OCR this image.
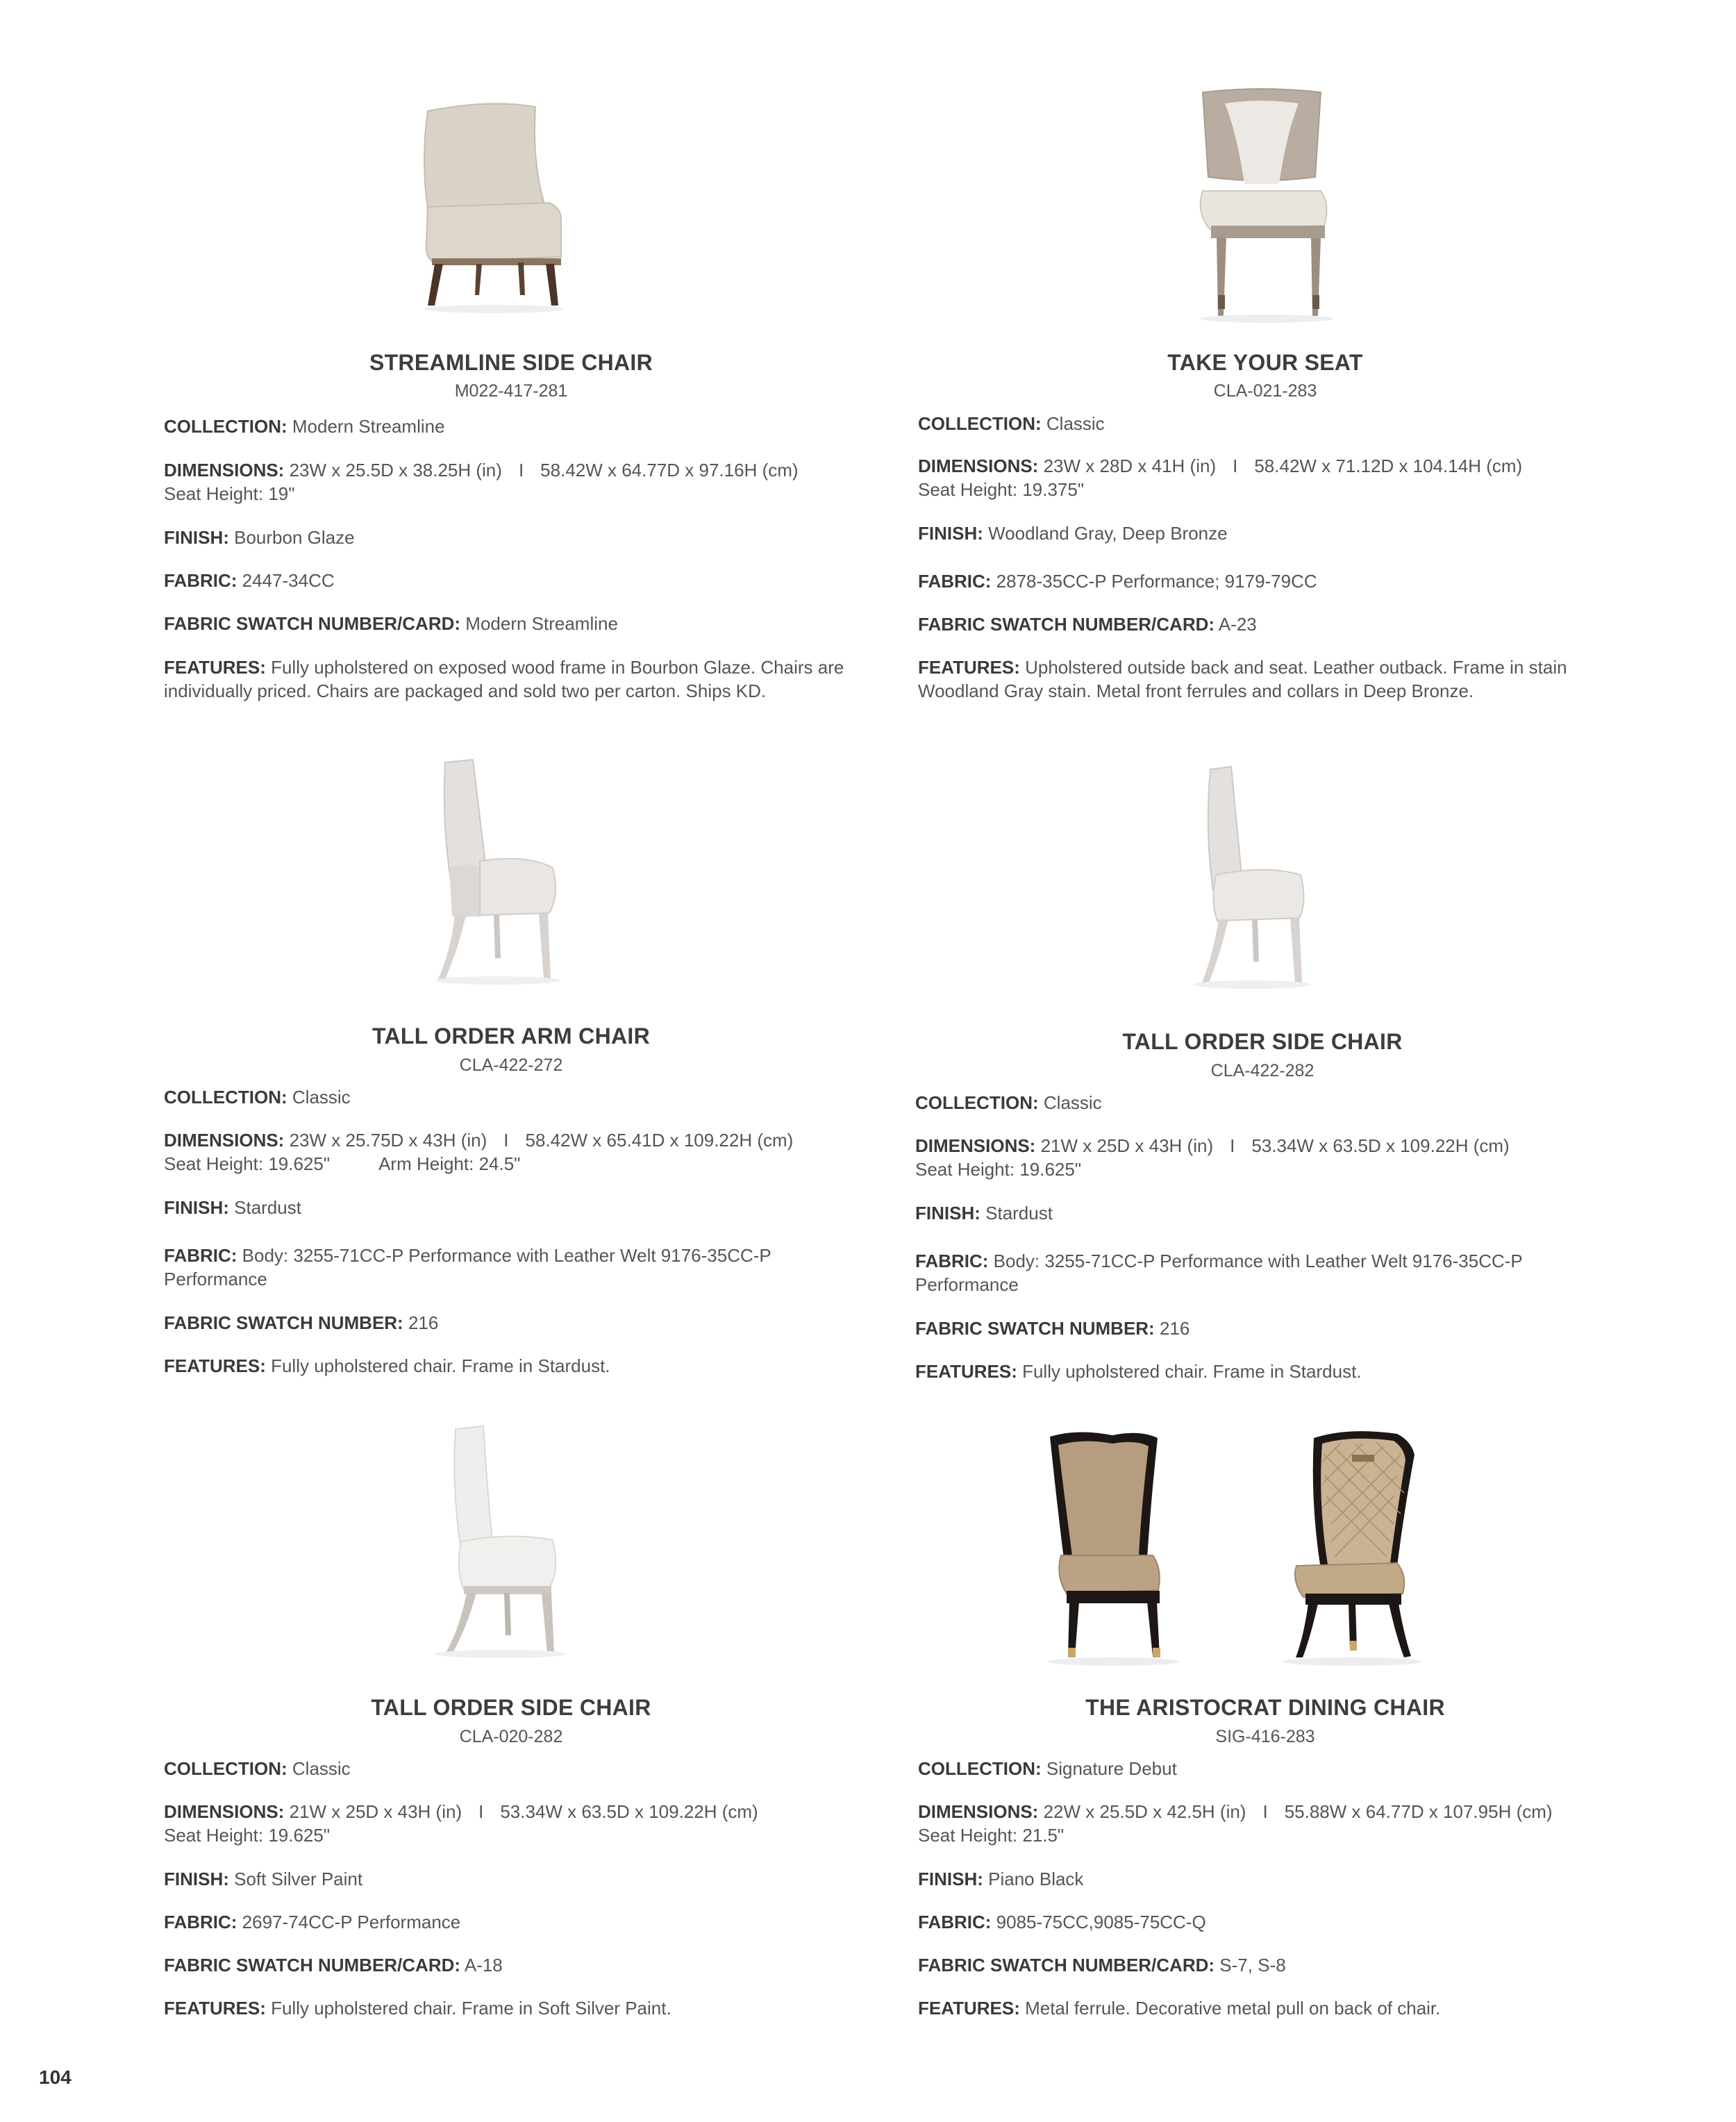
STREAMLINE SIDE CHAIR
M022-417-281
COLLECTION: Modern Streamline
DIMENSIONS: 23W x 25.5D x 38.25H (in) I 58.42W x 64.77D x 97.16H (cm)
Seat Height: 19"
FINISH: Bourbon Glaze
FABRIC: 2447-34CC
FABRIC SWATCH NUMBER/CARD: Modern Streamline
FEATURES: Fully upholstered on exposed wood frame in Bourbon Glaze. Chairs are individually priced. Chairs are packaged and sold two per carton. Ships KD.
TAKE YOUR SEAT
CLA-021-283
COLLECTION: Classic
DIMENSIONS: 23W x 28D x 41H (in) I 58.42W x 71.12D x 104.14H (cm)
Seat Height: 19.375"
FINISH: Woodland Gray, Deep Bronze
FABRIC: 2878-35CC-P Performance; 9179-79CC
FABRIC SWATCH NUMBER/CARD: A-23
FEATURES: Upholstered outside back and seat. Leather outback. Frame in stain Woodland Gray stain. Metal front ferrules and collars in Deep Bronze.
TALL ORDER ARM CHAIR
CLA-422-272
COLLECTION: Classic
DIMENSIONS: 23W x 25.75D x 43H (in) I 58.42W x 65.41D x 109.22H (cm)
Seat Height: 19.625"	Arm Height: 24.5"
FINISH: Stardust
FABRIC: Body: 3255-71CC-P Performance with Leather Welt 9176-35CC-P Performance
FABRIC SWATCH NUMBER: 216
FEATURES: Fully upholstered chair. Frame in Stardust.
TALL ORDER SIDE CHAIR
CLA-422-282
COLLECTION: Classic
DIMENSIONS: 21W x 25D x 43H (in) I 53.34W x 63.5D x 109.22H (cm)
Seat Height: 19.625"
FINISH: Stardust
FABRIC: Body: 3255-71CC-P Performance with Leather Welt 9176-35CC-P Performance
FABRIC SWATCH NUMBER: 216
FEATURES: Fully upholstered chair. Frame in Stardust.
TALL ORDER SIDE CHAIR
CLA-020-282
COLLECTION: Classic
DIMENSIONS: 21W x 25D x 43H (in) I 53.34W x 63.5D x 109.22H (cm)
Seat Height: 19.625"
FINISH: Soft Silver Paint
FABRIC: 2697-74CC-P Performance
FABRIC SWATCH NUMBER/CARD: A-18
FEATURES: Fully upholstered chair. Frame in Soft Silver Paint.
THE ARISTOCRAT DINING CHAIR
SIG-416-283
COLLECTION: Signature Debut
DIMENSIONS: 22W x 25.5D x 42.5H (in) I 55.88W x 64.77D x 107.95H (cm)
Seat Height: 21.5"
FINISH: Piano Black
FABRIC: 9085-75CC,9085-75CC-Q
FABRIC SWATCH NUMBER/CARD: S-7, S-8
FEATURES: Metal ferrule. Decorative metal pull on back of chair.
104
